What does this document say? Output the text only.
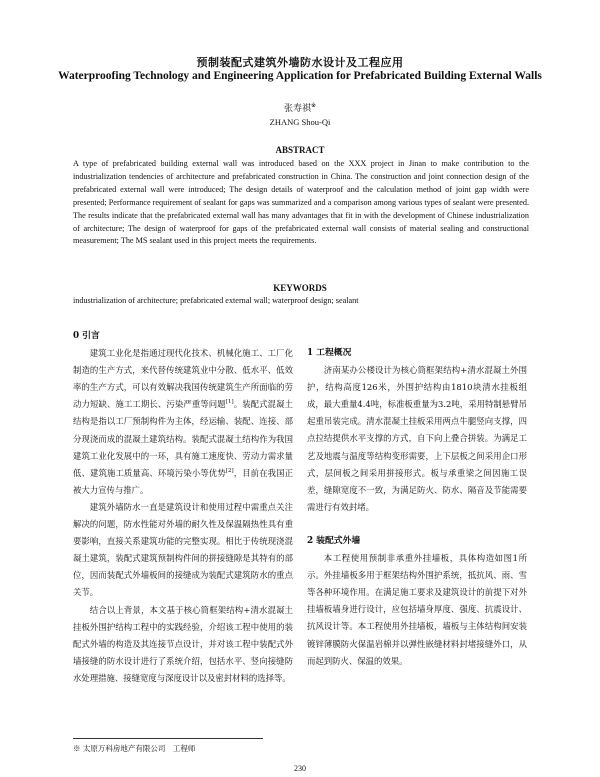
预制装配式建筑外墙防水设计及工程应用
Waterproofing Technology and Engineering Application for Prefabricated Building External Walls
张寿祺※
ZHANG Shou-Qi
ABSTRACT
A type of prefabricated building external wall was introduced based on the XXX project in Jinan to make contribution to the industrialization tendencies of architecture and prefabricated construction in China. The construction and joint connection design of the prefabricated external wall were introduced; The design details of waterproof and the calculation method of joint gap width were presented; Performance requirement of sealant for gaps was summarized and a comparison among various types of sealant were presented. The results indicate that the prefabricated external wall has many advantages that fit in with the development of Chinese industrialization of architecture; The design of waterproof for gaps of the prefabricated external wall consists of material sealing and constructional measurement; The MS sealant used in this project meets the requirements.
KEYWORDS
industrialization of architecture; prefabricated external wall; waterproof design; sealant
0 引言

建筑工业化是指通过现代化技术、机械化施工、工厂化制造的生产方式，来代替传统建筑业中分散、低水平、低效率的生产方式，可以有效解决我国传统建筑生产所面临的劳动力短缺、施工工期长、污染严重等问题[1]。装配式混凝土结构是指以工厂预制构件为主体，经运输、装配、连接、部分现浇而成的混凝土建筑结构。装配式混凝土结构作为我国建筑工业化发展中的一环，具有施工速度快、劳动力需求量低、建筑施工质量高、环境污染小等优势[2]，目前在我国正被大力宣传与推广。

建筑外墙防水一直是建筑设计和使用过程中需重点关注解决的问题，防水性能对外墙的耐久性及保温隔热性具有重要影响，直接关系建筑功能的完整实现。相比于传统现浇混凝土建筑，装配式建筑预制构件间的拼接缝隙是其特有的部位，因而装配式外墙板间的接缝成为装配式建筑防水的重点关节。

结合以上背景，本文基于核心筒框架结构+清水混凝土挂板外围护结构工程中的实践经验，介绍该工程中使用的装配式外墙的构造及其连接节点设计，并对该工程中装配式外墙接缝的防水设计进行了系统介绍，包括水平、竖向接缝防水处理措施、接缝宽度与深度设计以及密封材料的选择等。

1 工程概况

济南某办公楼设计为核心筒框架结构+清水混凝土外围护，结构高度126米，外围护结构由1810块清水挂板组成，最大重量4.4吨，标准板重量为3.2吨，采用特制悬臂吊起重吊装完成。清水混凝土挂板采用两点牛腿竖向支撑，四点拉结提供水平支撑的方式，自下向上叠合拼装。为满足工艺及地震与温度等结构变形需要，上下层板之间采用企口形式，层间板之间采用拼接形式。板与承重梁之间因施工误差，缝隙宽度不一致，为满足防火、防水、隔音及节能需要需进行有效封堵。

2 装配式外墙

本工程使用预制非承重外挂墙板，具体构造如图1所示。外挂墙板多用于框架结构外围护系统，抵抗风、雨、雪等各种环境作用。在满足施工要求及建筑设计的前提下对外挂墙板墙身进行设计，应包括墙身厚度、强度、抗震设计、抗风设计等。本工程使用外挂墙板，墙板与主体结构间安装镀锌薄膜防火保温岩棉并以弹性嵌缝材料封堵接缝外口，从而起到防火、保温的效果。

※ 太原万科房地产有限公司　工程师
230
